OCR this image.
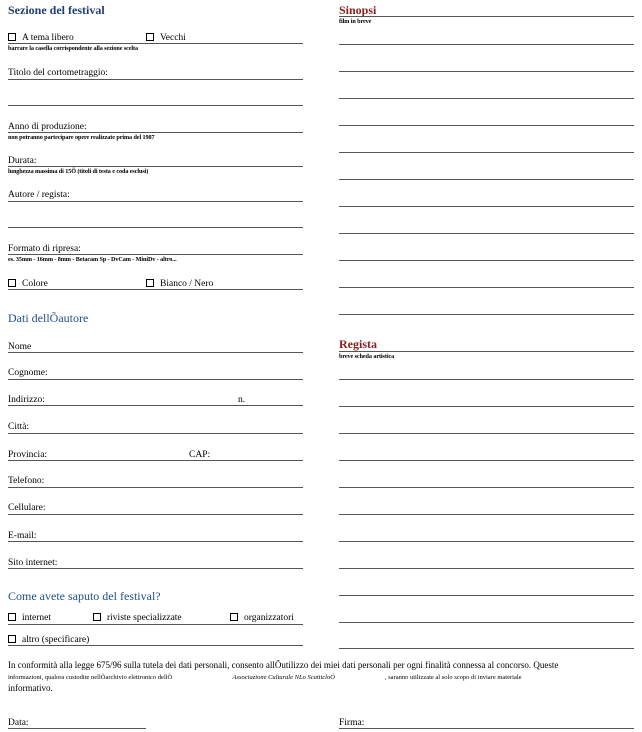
Sezione del festival
A tema libero	Vecchi
barrare la casella corrispondente alla sezione scelta
Titolo del cortometraggio:
Anno di produzione:
non potranno partecipare opere realizzate prima del 1987
Durata:
lunghezza massima di 15Õ (titoli di testa e coda esclusi)
Autore / regista:
Formato di ripresa:
es. 35mm - 16mm - 8mm - Betacam Sp - DvCam - MiniDv - altro...
Colore	Bianco / Nero
Dati dellÕautore
Nome
Cognome:
Indirizzo:	n.
Città:
Provincia:	CAP:
Telefono:
Cellulare:
E-mail:
Sito internet:
Come avete saputo del festival?
internet	riviste specializzate	organizzatori
altro (specificare)
Sinopsi
film in breve
Regista
breve scheda artistica
In conformità alla legge 675/96 sulla tutela dei dati personali, consento allÕutilizzo dei miei dati personali per ogni finalità connessa al concorso. Queste
informazioni, qualora custodite nellÕarchivio elettronico dellÕ	Associazione Culturale NLo ScatticloÓ	, saranno utilizzate al solo scopo di inviare materiale
informativo.
Data:	Firma:
